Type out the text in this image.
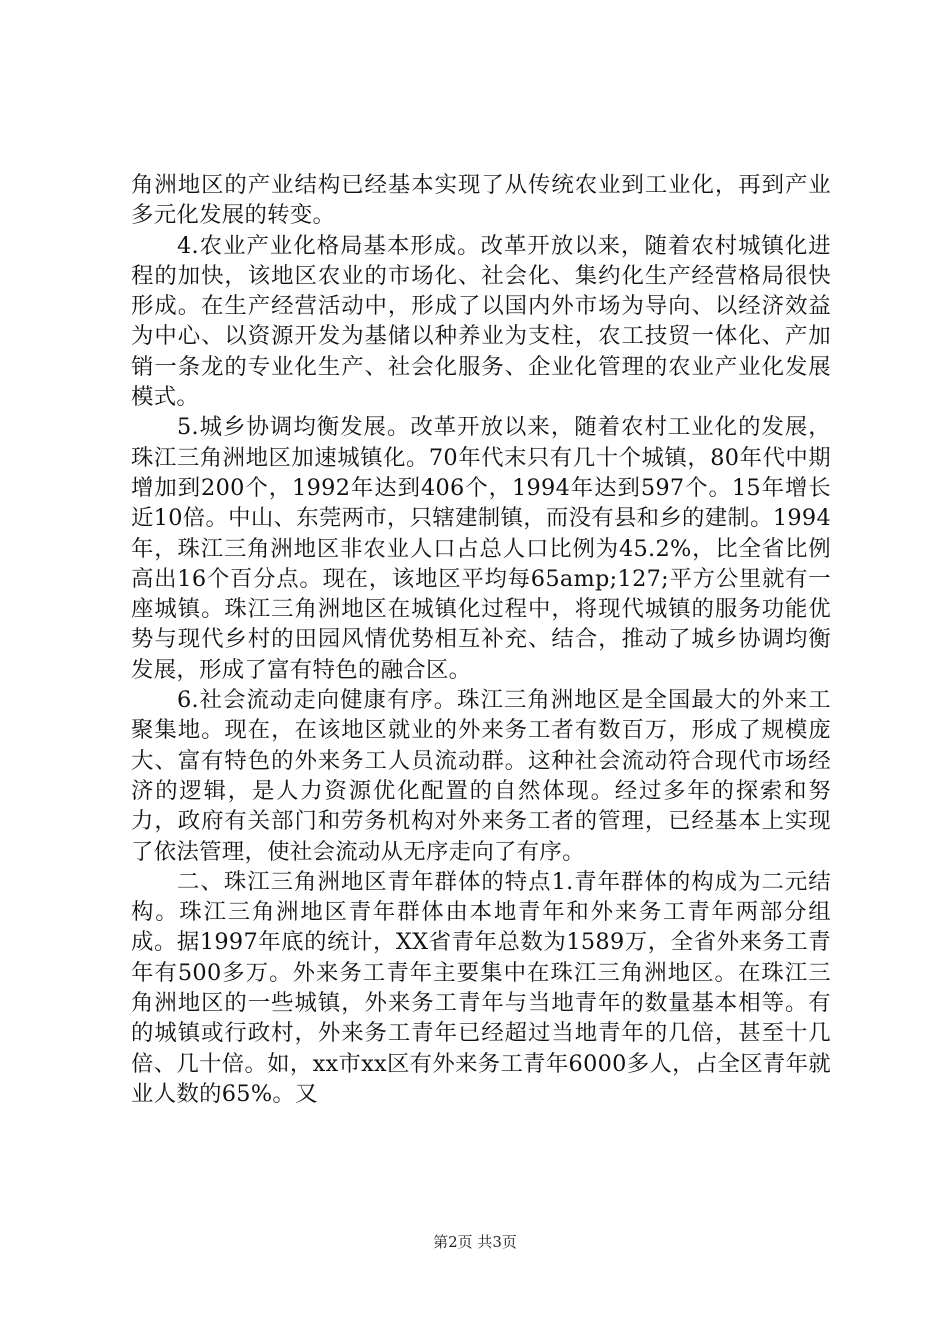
角洲地区的产业结构已经基本实现了从传统农业到工业化，再到产业多元化发展的转变。

4.农业产业化格局基本形成。改革开放以来，随着农村城镇化进程的加快，该地区农业的市场化、社会化、集约化生产经营格局很快形成。在生产经营活动中，形成了以国内外市场为导向、以经济效益为中心、以资源开发为基储以种养业为支柱，农工技贸一体化、产加销一条龙的专业化生产、社会化服务、企业化管理的农业产业化发展模式。

5.城乡协调均衡发展。改革开放以来，随着农村工业化的发展，珠江三角洲地区加速城镇化。70年代末只有几十个城镇，80年代中期增加到200个，1992年达到406个，1994年达到597个。15年增长近10倍。中山、东莞两市，只辖建制镇，而没有县和乡的建制。1994年，珠江三角洲地区非农业人口占总人口比例为45.2%，比全省比例高出16个百分点。现在，该地区平均每65amp;127;平方公里就有一座城镇。珠江三角洲地区在城镇化过程中，将现代城镇的服务功能优势与现代乡村的田园风情优势相互补充、结合，推动了城乡协调均衡发展，形成了富有特色的融合区。

6.社会流动走向健康有序。珠江三角洲地区是全国最大的外来工聚集地。现在，在该地区就业的外来务工者有数百万，形成了规模庞大、富有特色的外来务工人员流动群。这种社会流动符合现代市场经济的逻辑，是人力资源优化配置的自然体现。经过多年的探索和努力，政府有关部门和劳务机构对外来务工者的管理，已经基本上实现了依法管理，使社会流动从无序走向了有序。

二、珠江三角洲地区青年群体的特点1.青年群体的构成为二元结构。珠江三角洲地区青年群体由本地青年和外来务工青年两部分组成。据1997年底的统计，XX省青年总数为1589万，全省外来务工青年有500多万。外来务工青年主要集中在珠江三角洲地区。在珠江三角洲地区的一些城镇，外来务工青年与当地青年的数量基本相等。有的城镇或行政村，外来务工青年已经超过当地青年的几倍，甚至十几倍、几十倍。如，xx市xx区有外来务工青年6000多人，占全区青年就业人数的65%。又

第2页 共3页
